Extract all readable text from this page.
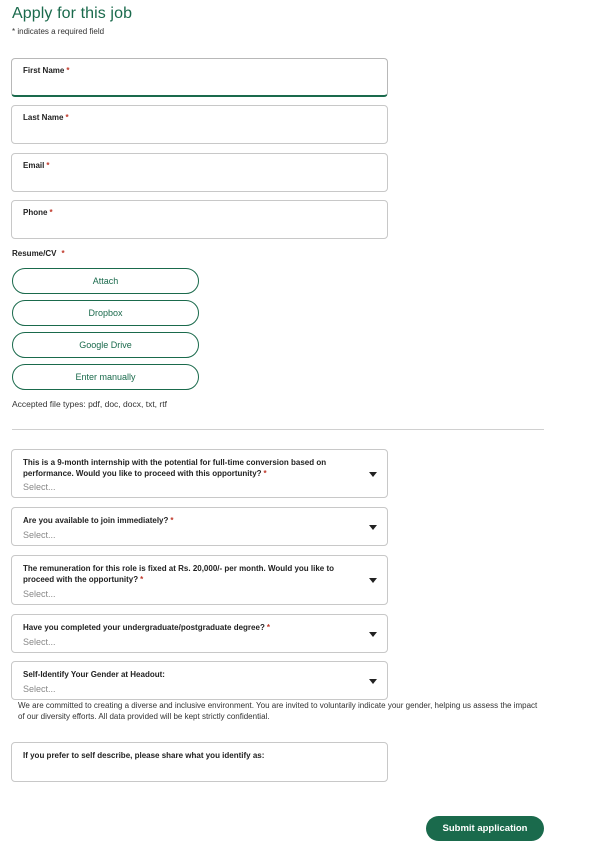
Apply for this job
* indicates a required field
First Name *
Last Name *
Email *
Phone *
Resume/CV *
Attach
Dropbox
Google Drive
Enter manually
Accepted file types: pdf, doc, docx, txt, rtf
This is a 9-month internship with the potential for full-time conversion based on performance. Would you like to proceed with this opportunity? *
Select...
Are you available to join immediately? *
Select...
The remuneration for this role is fixed at Rs. 20,000/- per month. Would you like to proceed with the opportunity? *
Select...
Have you completed your undergraduate/postgraduate degree? *
Select...
Self-Identify Your Gender at Headout:
Select...
We are committed to creating a diverse and inclusive environment. You are invited to voluntarily indicate your gender, helping us assess the impact of our diversity efforts. All data provided will be kept strictly confidential.
If you prefer to self describe, please share what you identify as:
Submit application
